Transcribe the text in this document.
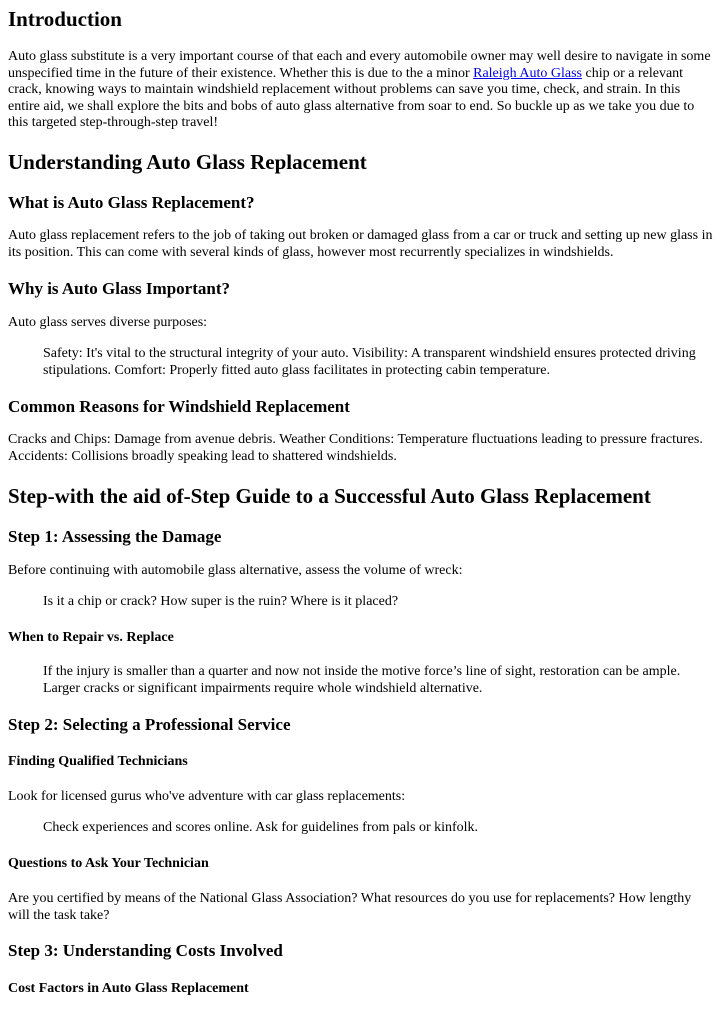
Introduction

Auto glass substitute is a very important course of that each and every automobile owner may well desire to navigate in some unspecified time in the future of their existence. Whether this is due to the a minor Raleigh Auto Glass chip or a relevant crack, knowing ways to maintain windshield replacement without problems can save you time, check, and strain. In this entire aid, we shall explore the bits and bobs of auto glass alternative from soar to end. So buckle up as we take you due to this targeted step-through-step travel!

Understanding Auto Glass Replacement
What is Auto Glass Replacement?

Auto glass replacement refers to the job of taking out broken or damaged glass from a car or truck and setting up new glass in its position. This can come with several kinds of glass, however most recurrently specializes in windshields.

Why is Auto Glass Important?

Auto glass serves diverse purposes:

Safety: It's vital to the structural integrity of your auto. Visibility: A transparent windshield ensures protected driving stipulations. Comfort: Properly fitted auto glass facilitates in protecting cabin temperature.

Common Reasons for Windshield Replacement

Cracks and Chips: Damage from avenue debris. Weather Conditions: Temperature fluctuations leading to pressure fractures. Accidents: Collisions broadly speaking lead to shattered windshields.

Step-with the aid of-Step Guide to a Successful Auto Glass Replacement
Step 1: Assessing the Damage

Before continuing with automobile glass alternative, assess the volume of wreck:

Is it a chip or crack? How super is the ruin? Where is it placed?

When to Repair vs. Replace

If the injury is smaller than a quarter and now not inside the motive force’s line of sight, restoration can be ample. Larger cracks or significant impairments require whole windshield alternative.

Step 2: Selecting a Professional Service
Finding Qualified Technicians

Look for licensed gurus who've adventure with car glass replacements:

Check experiences and scores online. Ask for guidelines from pals or kinfolk.

Questions to Ask Your Technician

Are you certified by means of the National Glass Association? What resources do you use for replacements? How lengthy will the task take?

Step 3: Understanding Costs Involved
Cost Factors in Auto Glass Replacement
